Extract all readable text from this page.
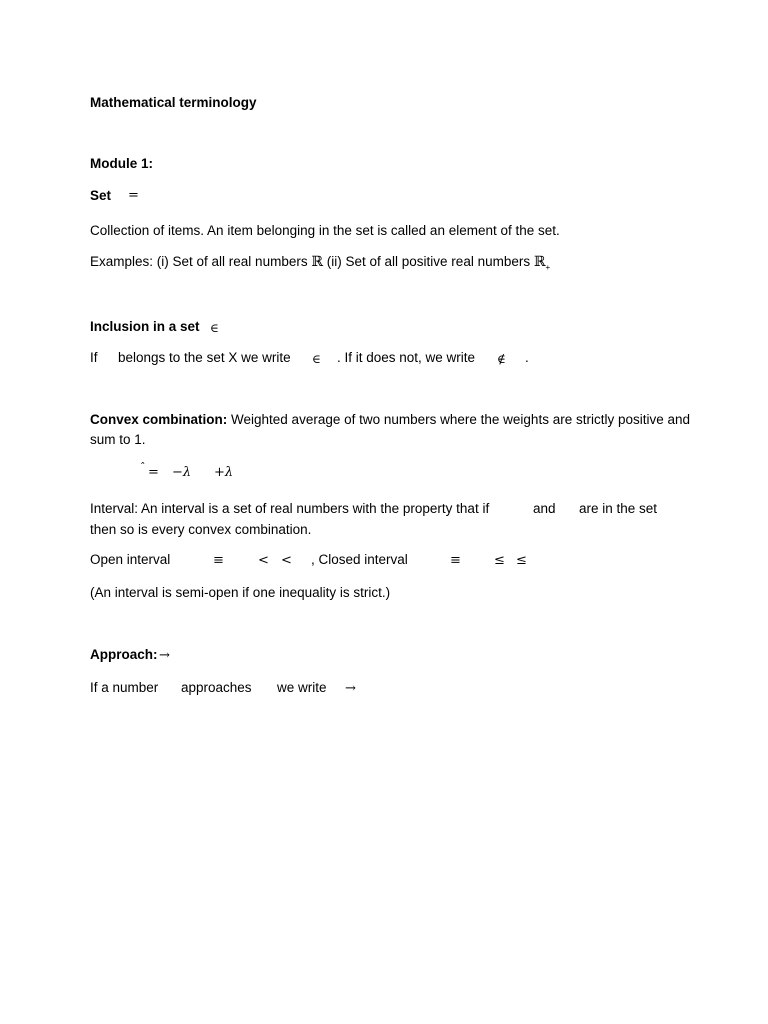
Mathematical terminology
Module 1:
Set =
Collection of items. An item belonging in the set is called an element of the set.
Examples: (i) Set of all real numbers ℝ (ii) Set of all positive real numbers ℝ$_+$
Inclusion in a set ∈
If belongs to the set X we write ∈ . If it does not, we write ∉ .
Convex combination: Weighted average of two numbers where the weights are strictly positive and sum to 1.
ˆ = −λ +λ
Interval: An interval is a set of real numbers with the property that if	and are in the set
then so is every convex combination.
Open interval	≡	< < , Closed interval	≡	≤ ≤
(An interval is semi-open if one inequality is strict.)
Approach: →
If a number approaches we write →
